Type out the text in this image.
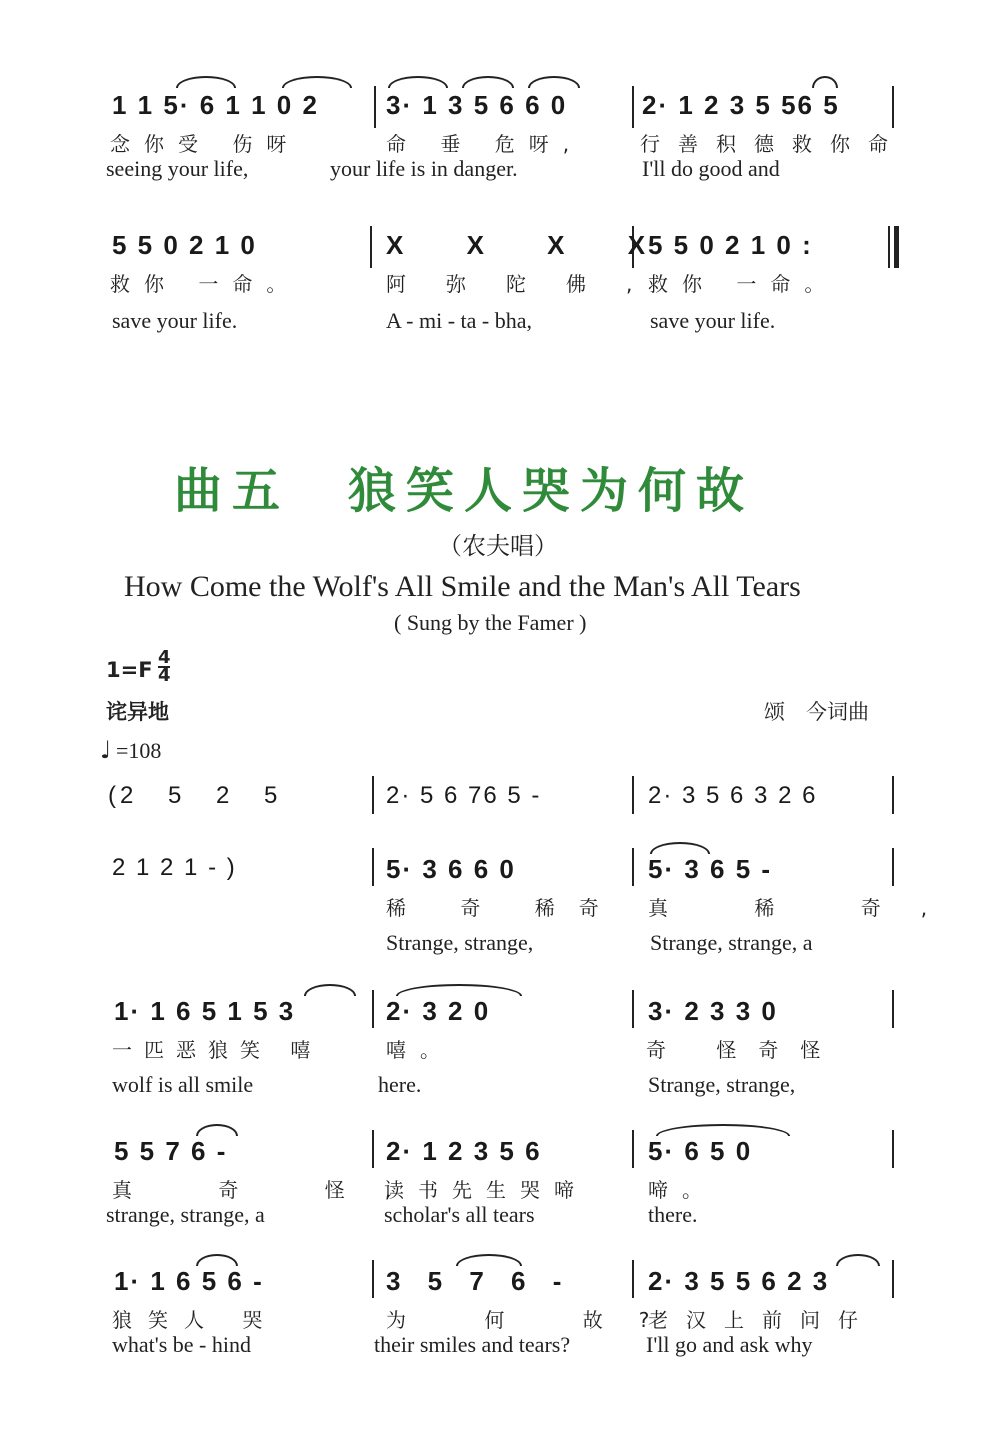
1 1 5· 6 1 1 0 2	3· 1 3 5 6 6 0	2· 1 2 3 5 56 5
念你受 伤呀	命 垂 危呀,	行善积德救你命
seeing your life,	your life is in danger.	I'll do good and
5 5 0 2 1 0	X X X X
5 5 0 2 1 0 :
救你 一命。	阿弥陀佛,
救你 一命。
save your life.	A - mi - ta - bha,	save your life.
曲五　狼笑人哭为何故
（农夫唱）
How Come the Wolf's All Smile and the Man's All Tears
( Sung by the Famer )
1=F
4
4
诧异地	颂　今词曲
♩ =108
(2 5 2 5	2· 5 6 76 5 -	2· 3 5 6 3 2 6
2 1 2 1 - )	5· 3 6 6 0	5· 3 6 5 -
稀 奇 稀奇 真 稀 奇,
Strange, strange,	Strange, strange, a
1· 1 6 5 1 5 3	2· 3 2 0	3· 2 3 3 0
一匹恶狼笑 嘻	嘻。	奇 怪奇怪
wolf is all smile	here.	Strange, strange,
5 5 7 6 -	2· 1 2 3 5 6	5· 6 5 0
真 奇 怪,
读书先生哭啼	啼。
strange, strange, a	scholar's all tears	there.
1· 1 6 5 6 -	3 5 7 6 -	2· 3 5 5 6 2 3
狼笑人 哭	为 何 故?
老汉上前问仔
what's be - hind	their smiles and tears?	I'll go and ask why
